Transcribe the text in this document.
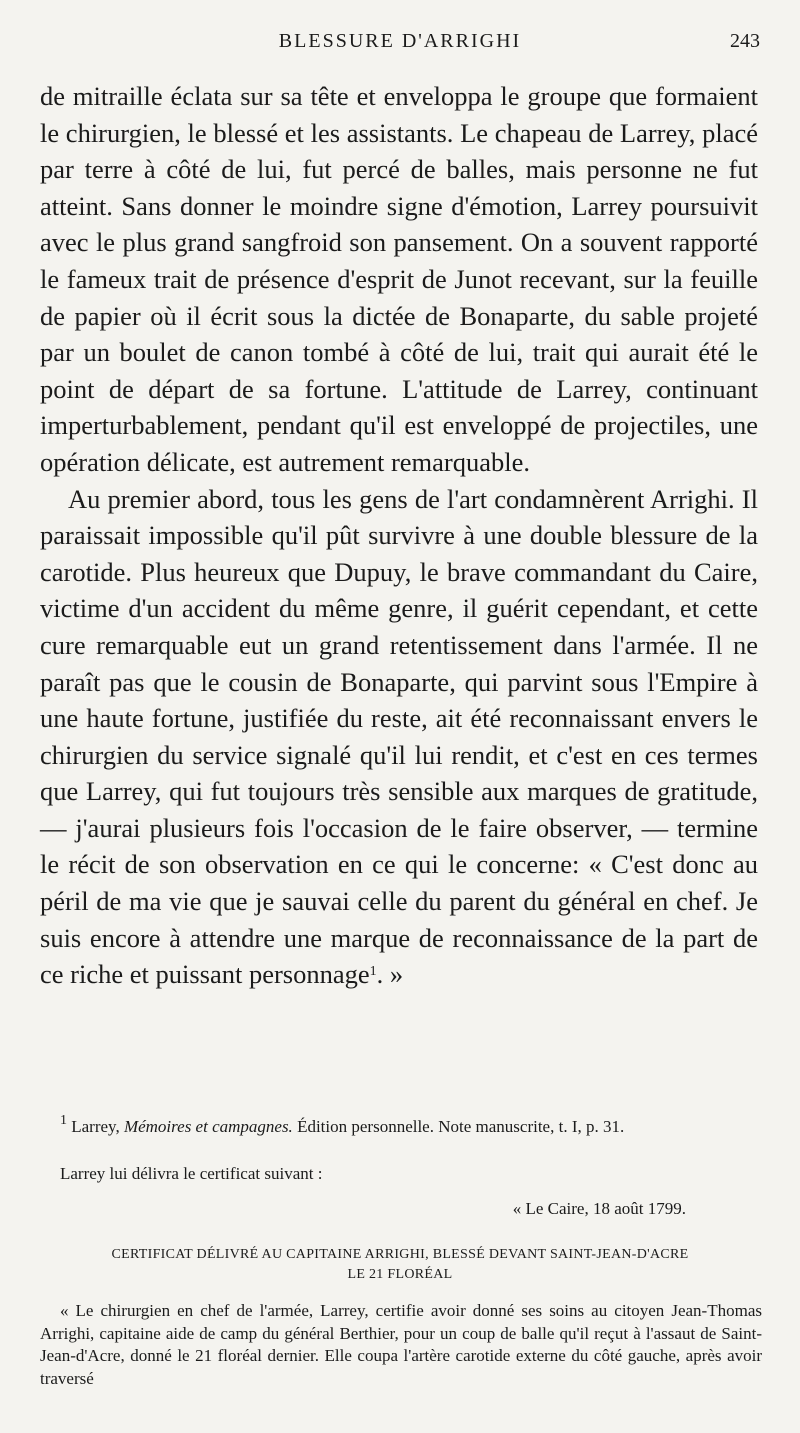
BLESSURE D'ARRIGHI	243

de mitraille éclata sur sa tête et enveloppa le groupe que formaient le chirurgien, le blessé et les assistants. Le chapeau de Larrey, placé par terre à côté de lui, fut percé de balles, mais personne ne fut atteint. Sans donner le moindre signe d'émotion, Larrey poursuivit avec le plus grand sangfroid son pansement. On a souvent rapporté le fameux trait de présence d'esprit de Junot recevant, sur la feuille de papier où il écrit sous la dictée de Bonaparte, du sable projeté par un boulet de canon tombé à côté de lui, trait qui aurait été le point de départ de sa fortune. L'attitude de Larrey, continuant imperturbablement, pendant qu'il est enveloppé de projectiles, une opération délicate, est autrement remarquable.

Au premier abord, tous les gens de l'art condamnèrent Arrighi. Il paraissait impossible qu'il pût survivre à une double blessure de la carotide. Plus heureux que Dupuy, le brave commandant du Caire, victime d'un accident du même genre, il guérit cependant, et cette cure remarquable eut un grand retentissement dans l'armée. Il ne paraît pas que le cousin de Bonaparte, qui parvint sous l'Empire à une haute fortune, justifiée du reste, ait été reconnaissant envers le chirurgien du service signalé qu'il lui rendit, et c'est en ces termes que Larrey, qui fut toujours très sensible aux marques de gratitude, — j'aurai plusieurs fois l'occasion de le faire observer, — termine le récit de son observation en ce qui le concerne: « C'est donc au péril de ma vie que je sauvai celle du parent du général en chef. Je suis encore à attendre une marque de reconnaissance de la part de ce riche et puissant personnage$^1$. »

$^1$ Larrey, Mémoires et campagnes. Édition personnelle. Note manuscrite, t. I, p. 31.

Larrey lui délivra le certificat suivant :
« Le Caire, 18 août 1799.
CERTIFICAT DÉLIVRÉ AU CAPITAINE ARRIGHI, BLESSÉ DEVANT SAINT-JEAN-D'ACRE
LE 21 FLORÉAL

« Le chirurgien en chef de l'armée, Larrey, certifie avoir donné ses soins au citoyen Jean-Thomas Arrighi, capitaine aide de camp du général Berthier, pour un coup de balle qu'il reçut à l'assaut de Saint-Jean-d'Acre, donné le 21 floréal dernier. Elle coupa l'artère carotide externe du côté gauche, après avoir traversé
